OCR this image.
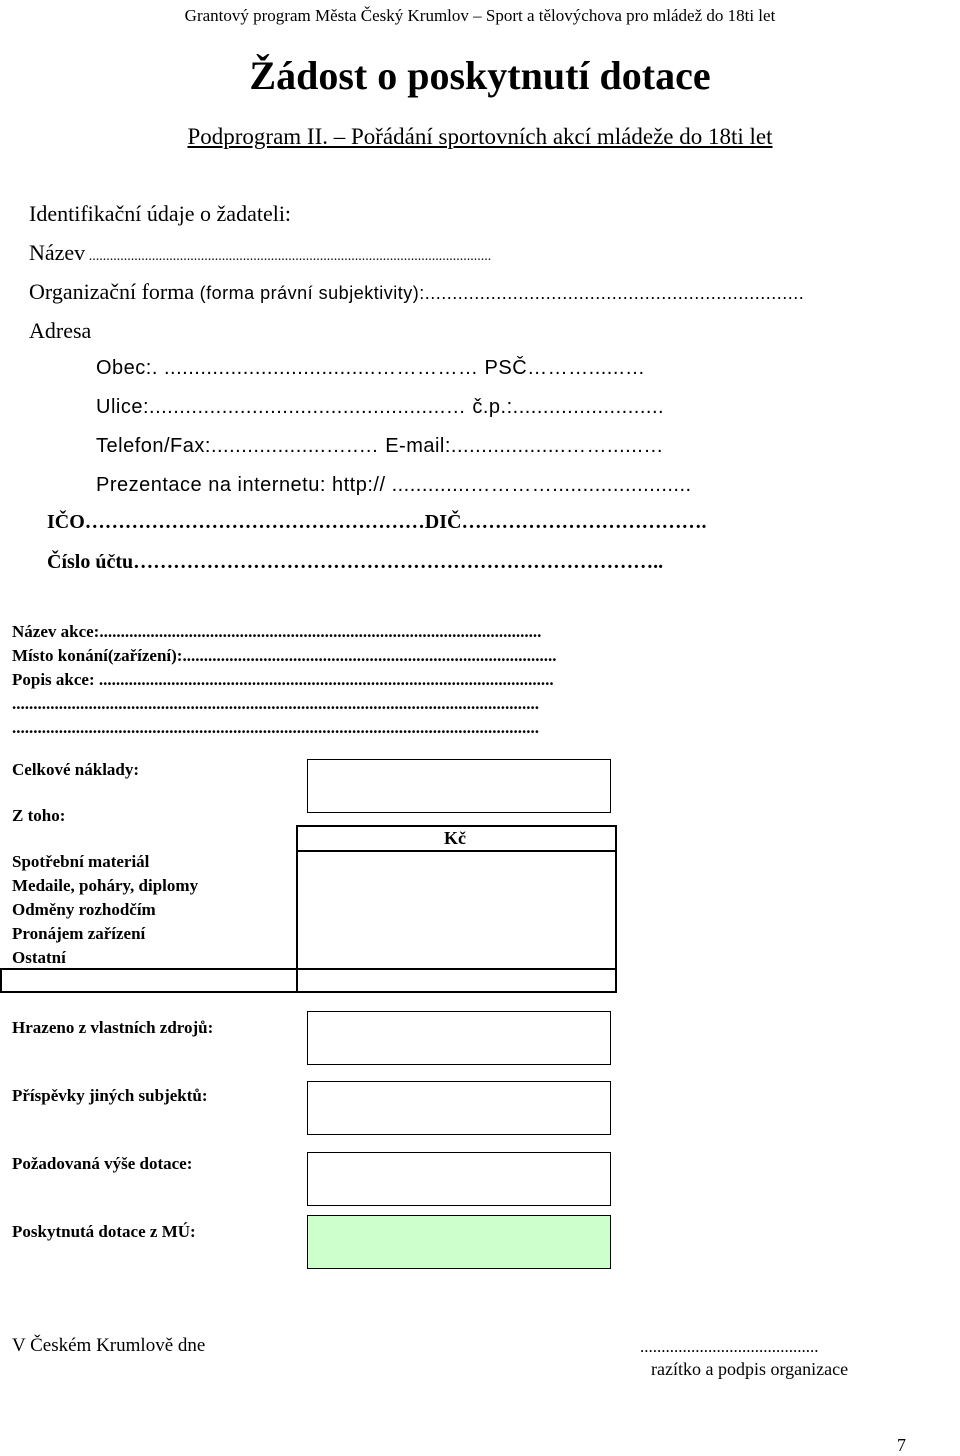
Grantový program Města Český Krumlov – Sport a tělovýchova pro mládež do 18ti let
Žádost o poskytnutí dotace
Podprogram II. – Pořádání sportovních akcí mládeže do 18ti let
Identifikační údaje o žadateli:
Název ...................................................................................................................
Organizační forma (forma právní subjektivity):.....................................................................
Adresa
Obec:. ...................................…………… PSČ………......…
Ulice:.................................................… č.p.:.........................
Telefon/Fax:...................…..… E-mail:...................……......…
Prezentace na internetu: http:// .............………….......................
IČO……………………………………………DIČ……………………………….
Číslo účtu……………………………………………………………………..
Název akce:........................................................................................................
Místo konání(zařízení):........................................................................................
Popis akce: ...........................................................................................................
............................................................................................................................
............................................................................................................................
Celkové náklady:
Z toho:
Kč
Spotřební materiál
Medaile, poháry, diplomy
Odměny rozhodčím
Pronájem zařízení
Ostatní
Hrazeno z vlastních zdrojů:
Příspěvky jiných subjektů:
Požadovaná výše dotace:
Poskytnutá dotace z MÚ:
V Českém Krumlově dne	..........................................
razítko a podpis organizace
7
